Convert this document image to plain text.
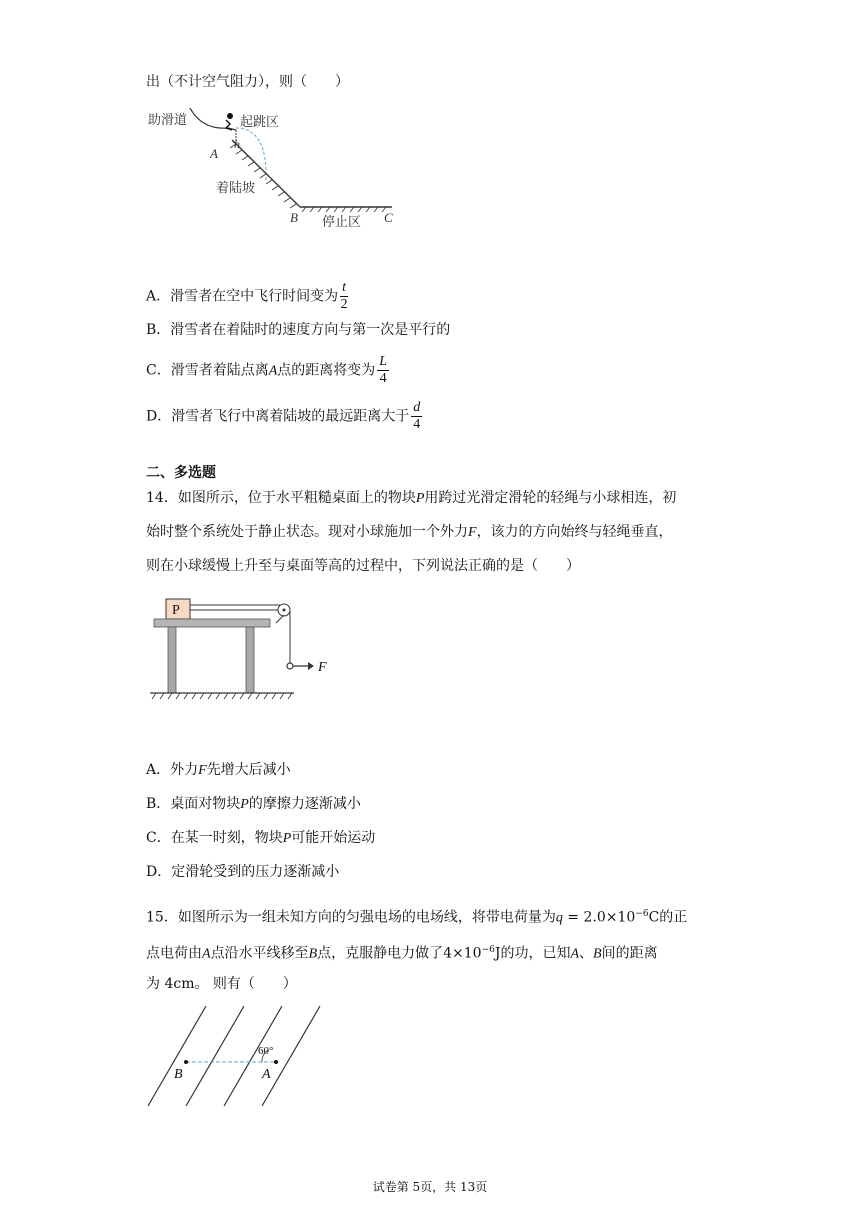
出（不计空气阻力），则（　　）
助滑道	起跳区
A
h
着陆坡
B 停止区 C
A．滑雪者在空中飞行时间变为 $\frac{t}{2}$
B．滑雪者在着陆时的速度方向与第一次是平行的
C．滑雪者着陆点离A点的距离将变为 $\frac{L}{4}$
D．滑雪者飞行中离着陆坡的最远距离大于 $\frac{d}{4}$
二、多选题
14．如图所示，位于水平粗糙桌面上的物块P用跨过光滑定滑轮的轻绳与小球相连，初
始时整个系统处于静止状态。现对小球施加一个外力F，该力的方向始终与轻绳垂直，
则在小球缓慢上升至与桌面等高的过程中，下列说法正确的是（　　）
P
F
A．外力F先增大后减小
B．桌面对物块P的摩擦力逐渐减小
C．在某一时刻，物块P可能开始运动
D．定滑轮受到的压力逐渐减小
15．如图所示为一组未知方向的匀强电场的电场线，将带电荷量为$q = 2.0\times 10^{-6}C$的正
点电荷由A点沿水平线移至B点，克服静电力做了$4\times 10^{-6}J$的功，已知A、B间的距离
为 4cm。 则有（　　）
60°
B	A
试卷第 5页，共 13页
